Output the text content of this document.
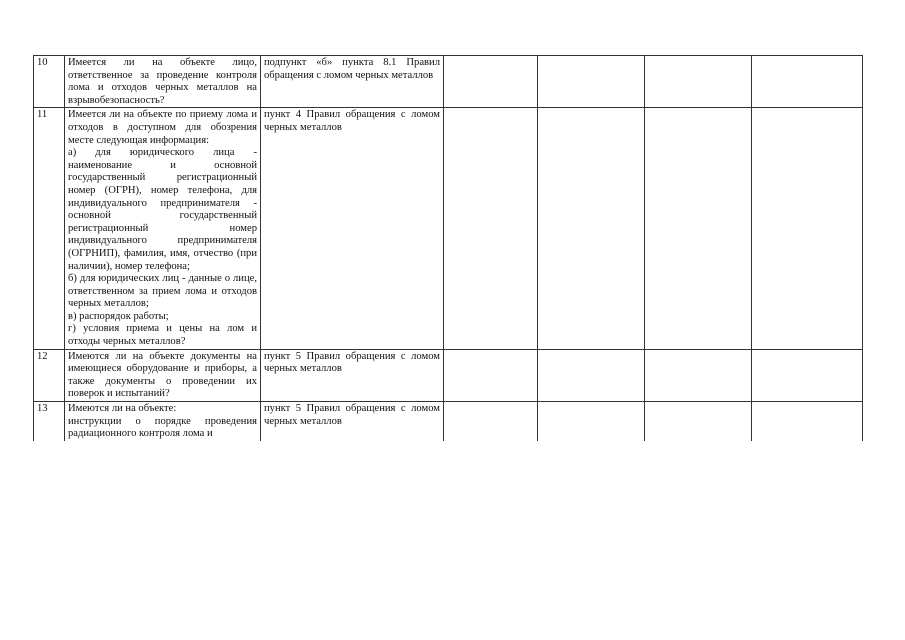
10	Имеется ли на объекте лицо, ответственное за проведение контроля лома и отходов черных металлов на взрывобезопасность?	подпункт «б» пункта 8.1 Правил обращения с ломом черных металлов				
11	Имеется ли на объекте по приему лома и отходов в доступном для обозрения месте следующая информация:
а) для юридического лица - наименование и основной государственный регистрационный номер (ОГРН), номер телефона, для индивидуального предпринимателя - основной государственный регистрационный номер индивидуального предпринимателя (ОГРНИП), фамилия, имя, отчество (при наличии), номер телефона;
б) для юридических лиц - данные о лице, ответственном за прием лома и отходов черных металлов;
в) распорядок работы;
г) условия приема и цены на лом и отходы черных металлов?	пункт 4 Правил обращения с ломом черных металлов				
12	Имеются ли на объекте документы на имеющиеся оборудование и приборы, а также документы о проведении их поверок и испытаний?	пункт 5 Правил обращения с ломом черных металлов				
13	Имеются ли на объекте:
инструкции о порядке проведения радиационного контроля лома и	пункт 5 Правил обращения с ломом черных металлов				
